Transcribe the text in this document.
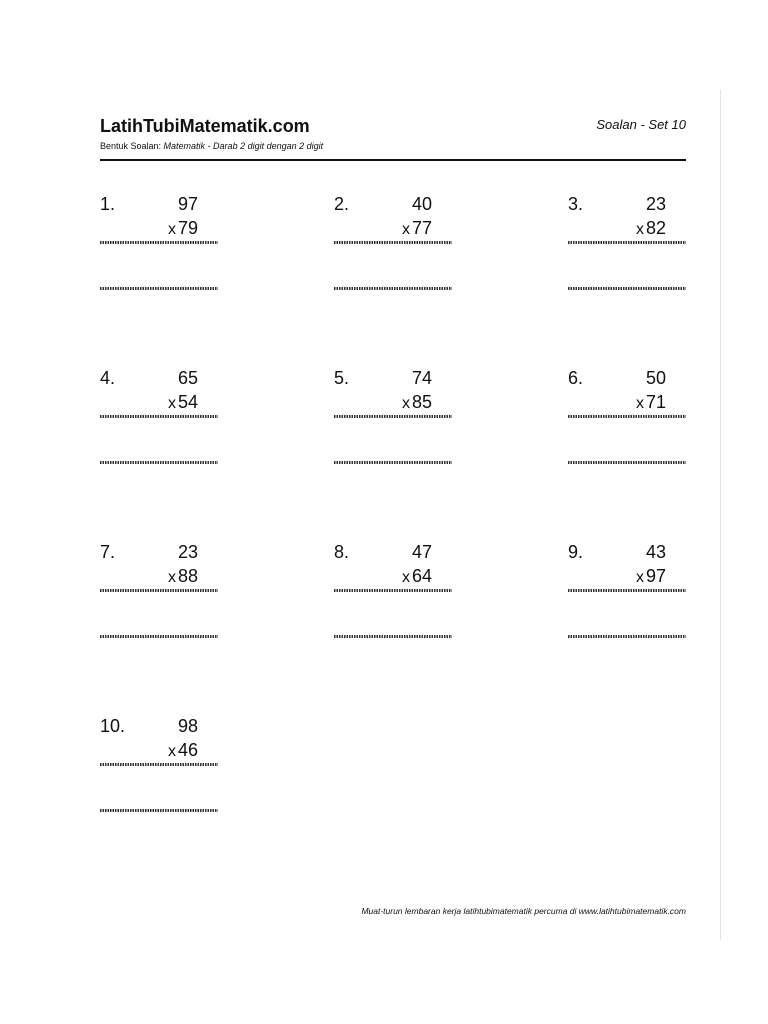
LatihTubiMatematik.com	Soalan - Set 10
Bentuk Soalan: Matematik - Darab 2 digit dengan 2 digit
1.	97
x 79
2.	40
x 77
3.	23
x 82
4.	65
x 54
5.	74
x 85
6.	50
x 71
7.	23
x 88
8.	47
x 64
9.	43
x 97
10.	98
x 46
Muat-turun lembaran kerja latihtubimatematik percuma di www.latihtubimatematik.com
